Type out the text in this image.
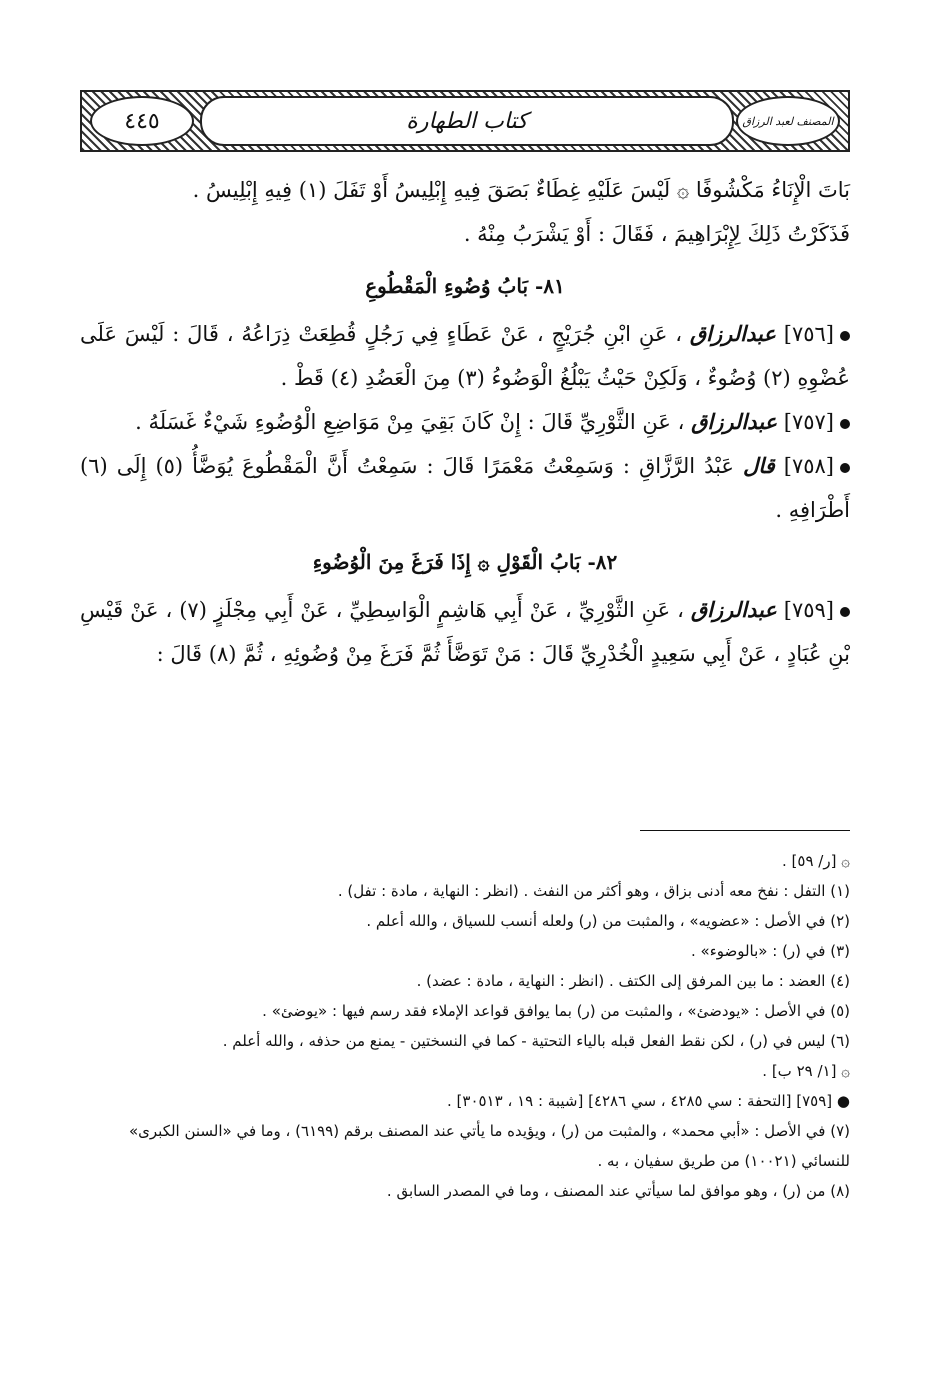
المصنف لعبد الرزاق
كتاب الطهارة
٤٤٥

بَاتَ الْإِنَاءُ مَكْشُوفًا ۞ لَيْسَ عَلَيْهِ غِطَاءٌ بَصَقَ فِيهِ إِبْلِيسُ أَوْ تَفَلَ (١) فِيهِ إِبْلِيسُ .

فَذَكَرْتُ ذَلِكَ لِإِبْرَاهِيمَ ، فَقَالَ : أَوْ يَشْرَبُ مِنْهُ .

٨١- بَابُ وُضُوءِ الْمَقْطُوعِ

[٧٥٦] عبدالرزاق ، عَنِ ابْنِ جُرَيْجٍ ، عَنْ عَطَاءٍ فِي رَجُلٍ قُطِعَتْ ذِرَاعُهُ ، قَالَ : لَيْسَ عَلَى عُضْوِهِ (٢) وُضُوءٌ ، وَلَكِنْ حَيْثُ يَبْلُغُ الْوَضُوءُ (٣) مِنَ الْعَضُدِ (٤) قَطْ .

[٧٥٧] عبدالرزاق ، عَنِ الثَّوْرِيِّ قَالَ : إِنْ كَانَ بَقِيَ مِنْ مَوَاضِعِ الْوُضُوءِ شَيْءٌ غَسَلَهُ .

[٧٥٨] قال عَبْدُ الرَّزَّاقِ : وَسَمِعْتُ مَعْمَرًا قَالَ : سَمِعْتُ أَنَّ الْمَقْطُوعَ يُوَضَّأُ (٥) إِلَى (٦) أَطْرَافِهِ .

٨٢- بَابُ الْقَوْلِ ۞ إِذَا فَرَغَ مِنَ الْوُضُوءِ

[٧٥٩] عبدالرزاق ، عَنِ الثَّوْرِيِّ ، عَنْ أَبِي هَاشِمٍ الْوَاسِطِيِّ ، عَنْ أَبِي مِجْلَزٍ (٧) ، عَنْ قَيْسِ بْنِ عُبَادٍ ، عَنْ أَبِي سَعِيدٍ الْخُدْرِيِّ قَالَ : مَنْ تَوَضَّأَ ثُمَّ فَرَغَ مِنْ وُضُوئِهِ ، ثُمَّ (٨) قَالَ :

۞ [ر/ ٥٩] .

(١) التفل : نفخ معه أدنى بزاق ، وهو أكثر من النفث . (انظر : النهاية ، مادة : تفل) .

(٢) في الأصل : «عضويه» ، والمثبت من (ر) ولعله أنسب للسياق ، والله أعلم .

(٣) في (ر) : «بالوضوء» .

(٤) العضد : ما بين المرفق إلى الكتف . (انظر : النهاية ، مادة : عضد) .

(٥) في الأصل : «يودضئ» ، والمثبت من (ر) بما يوافق قواعد الإملاء فقد رسم فيها : «يوضئ» .

(٦) ليس في (ر) ، لكن نقط الفعل قبله بالياء التحتية - كما في النسختين - يمنع من حذفه ، والله أعلم .

۞ [١/ ٢٩ ب] .

● [٧٥٩] [التحفة : سي ٤٢٨٥ ، سي ٤٢٨٦] [شيبة : ١٩ ، ٣٠٥١٣] .

(٧) في الأصل : «أبي محمد» ، والمثبت من (ر) ، ويؤيده ما يأتي عند المصنف برقم (٦١٩٩) ، وما في «السنن الكبرى» للنسائي (١٠٠٢١) من طريق سفيان ، به .

(٨) من (ر) ، وهو موافق لما سيأتي عند المصنف ، وما في المصدر السابق .
